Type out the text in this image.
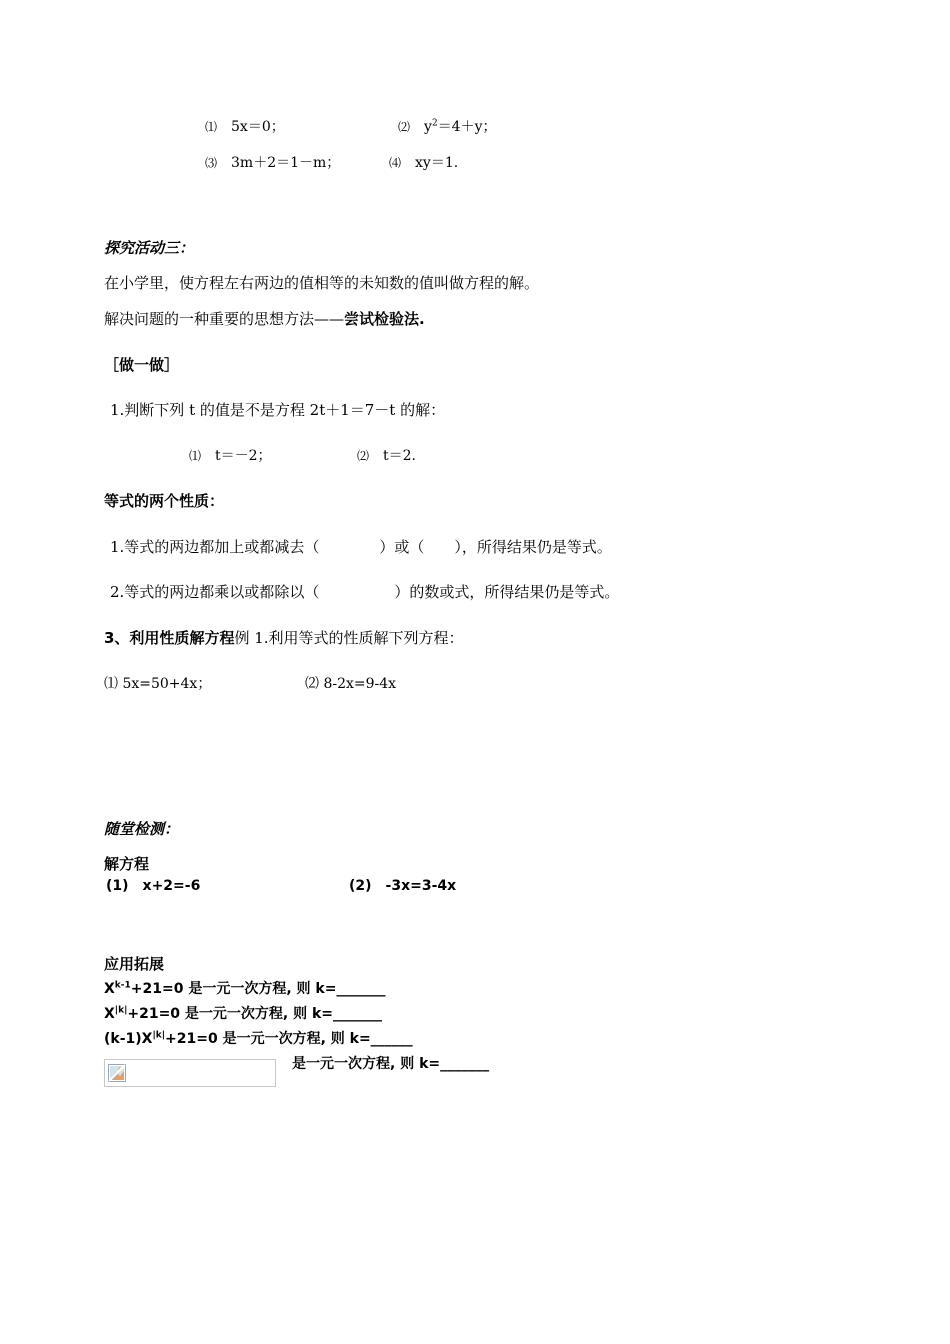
⑴ 5x＝0；	⑵ $y^2=4+y$；
⑶ 3m＋2＝1－m；	⑷ xy＝1.
探究活动三：
在小学里，使方程左右两边的值相等的未知数的值叫做方程的解。
解决问题的一种重要的思想方法——尝试检验法.
［做一做］
1.判断下列 t 的值是不是方程 2t＋1＝7－t 的解：
⑴ t＝－2；	⑵ t＝2.
等式的两个性质：
1.等式的两边都加上或都减去（　　　　）或（　　），所得结果仍是等式。
2.等式的两边都乘以或都除以（　　　　　）的数或式，所得结果仍是等式。
3、利用性质解方程例 1.利用等式的性质解下列方程：
⑴ 5x=50+4x；	⑵ 8-2x=9-4x
随堂检测：
解方程
(1)　x+2=-6	(2)　-3x=3-4x
应用拓展
$X^{k-1}+21=0$ 是一元一次方程, 则 k=_______
$X^{|k|}+21=0$ 是一元一次方程, 则 k=_______
$(k-1)X^{|k|}+21=0$ 是一元一次方程, 则 k=______
是一元一次方程, 则 k=_______
